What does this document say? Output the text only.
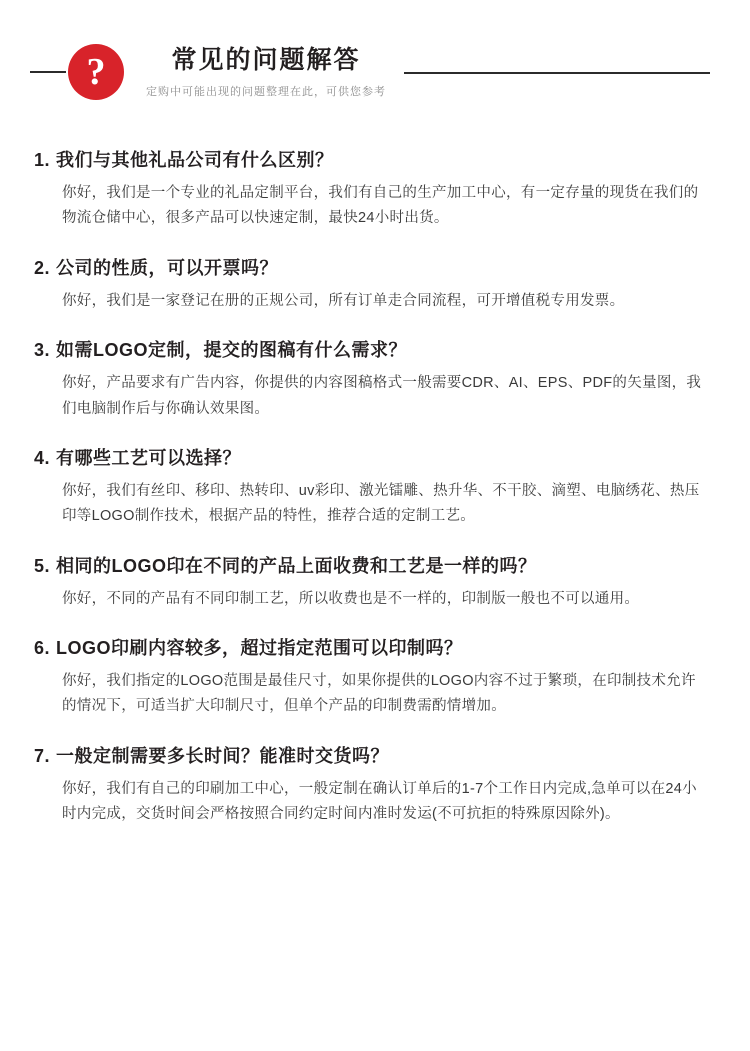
?	常见的问题解答
定购中可能出现的问题整理在此，可供您参考
1. 我们与其他礼品公司有什么区别？
你好，我们是一个专业的礼品定制平台，我们有自己的生产加工中心，有一定存量的现货在我们的物流仓储中心，很多产品可以快速定制，最快24小时出货。
2. 公司的性质，可以开票吗？
你好，我们是一家登记在册的正规公司，所有订单走合同流程，可开增值税专用发票。
3. 如需LOGO定制，提交的图稿有什么需求？
你好，产品要求有广告内容，你提供的内容图稿格式一般需要CDR、AI、EPS、PDF的矢量图，我们电脑制作后与你确认效果图。
4. 有哪些工艺可以选择？
你好，我们有丝印、移印、热转印、uv彩印、激光镭雕、热升华、不干胶、滴塑、电脑绣花、热压印等LOGO制作技术，根据产品的特性，推荐合适的定制工艺。
5. 相同的LOGO印在不同的产品上面收费和工艺是一样的吗？
你好，不同的产品有不同印制工艺，所以收费也是不一样的，印制版一般也不可以通用。
6. LOGO印刷内容较多，超过指定范围可以印制吗？
你好，我们指定的LOGO范围是最佳尺寸，如果你提供的LOGO内容不过于繁琐，在印制技术允许的情况下，可适当扩大印制尺寸，但单个产品的印制费需酌情增加。
7. 一般定制需要多长时间？能准时交货吗？
你好，我们有自己的印刷加工中心，一般定制在确认订单后的1-7个工作日内完成,急单可以在24小时内完成，交货时间会严格按照合同约定时间内准时发运(不可抗拒的特殊原因除外)。
